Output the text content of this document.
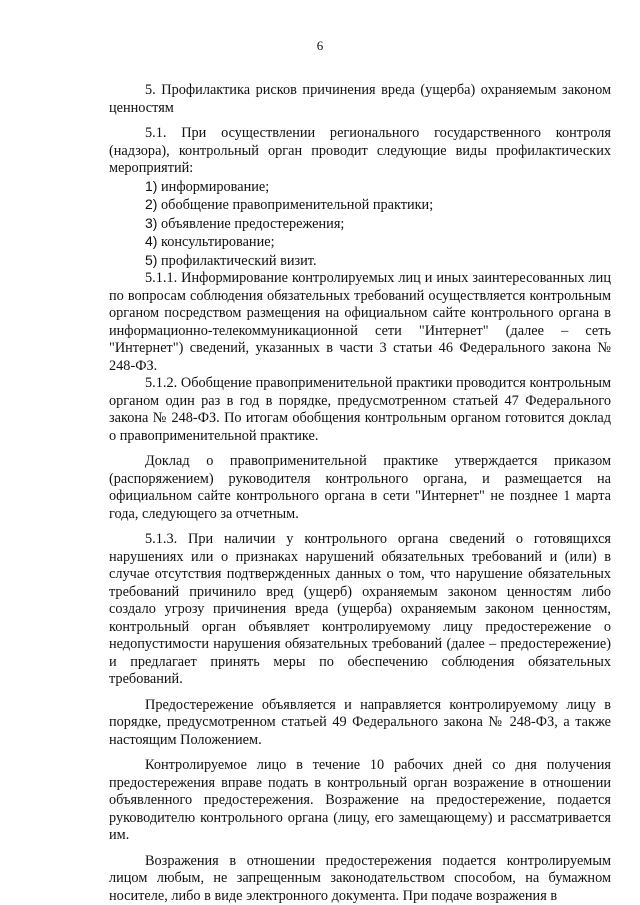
6

5. Профилактика рисков причинения вреда (ущерба) охраняемым законом ценностям

5.1. При осуществлении регионального государственного контроля (надзора), контрольный орган проводит следующие виды профилактических мероприятий:

1) информирование;

2) обобщение правоприменительной практики;

3) объявление предостережения;

4) консультирование;

5) профилактический визит.

5.1.1. Информирование контролируемых лиц и иных заинтересованных лиц по вопросам соблюдения обязательных требований осуществляется контрольным органом посредством размещения на официальном сайте контрольного органа в информационно-телекоммуникационной сети "Интернет" (далее – сеть "Интернет") сведений, указанных в части 3 статьи 46 Федерального закона № 248-ФЗ.

5.1.2. Обобщение правоприменительной практики проводится контрольным органом один раз в год в порядке, предусмотренном статьей 47 Федерального закона № 248-ФЗ. По итогам обобщения контрольным органом готовится доклад о правоприменительной практике.

Доклад о правоприменительной практике утверждается приказом (распоряжением) руководителя контрольного органа, и размещается на официальном сайте контрольного органа в сети "Интернет" не позднее 1 марта года, следующего за отчетным.

5.1.3. При наличии у контрольного органа сведений о готовящихся нарушениях или о признаках нарушений обязательных требований и (или) в случае отсутствия подтвержденных данных о том, что нарушение обязательных требований причинило вред (ущерб) охраняемым законом ценностям либо создало угрозу причинения вреда (ущерба) охраняемым законом ценностям, контрольный орган объявляет контролируемому лицу предостережение о недопустимости нарушения обязательных требований (далее – предостережение) и предлагает принять меры по обеспечению соблюдения обязательных требований.

Предостережение объявляется и направляется контролируемому лицу в порядке, предусмотренном статьей 49 Федерального закона № 248-ФЗ, а также настоящим Положением.

Контролируемое лицо в течение 10 рабочих дней со дня получения предостережения вправе подать в контрольный орган возражение в отношении объявленного предостережения. Возражение на предостережение, подается руководителю контрольного органа (лицу, его замещающему) и рассматривается им.

Возражения в отношении предостережения подается контролируемым лицом любым, не запрещенным законодательством способом, на бумажном носителе, либо в виде электронного документа. При подаче возражения в
